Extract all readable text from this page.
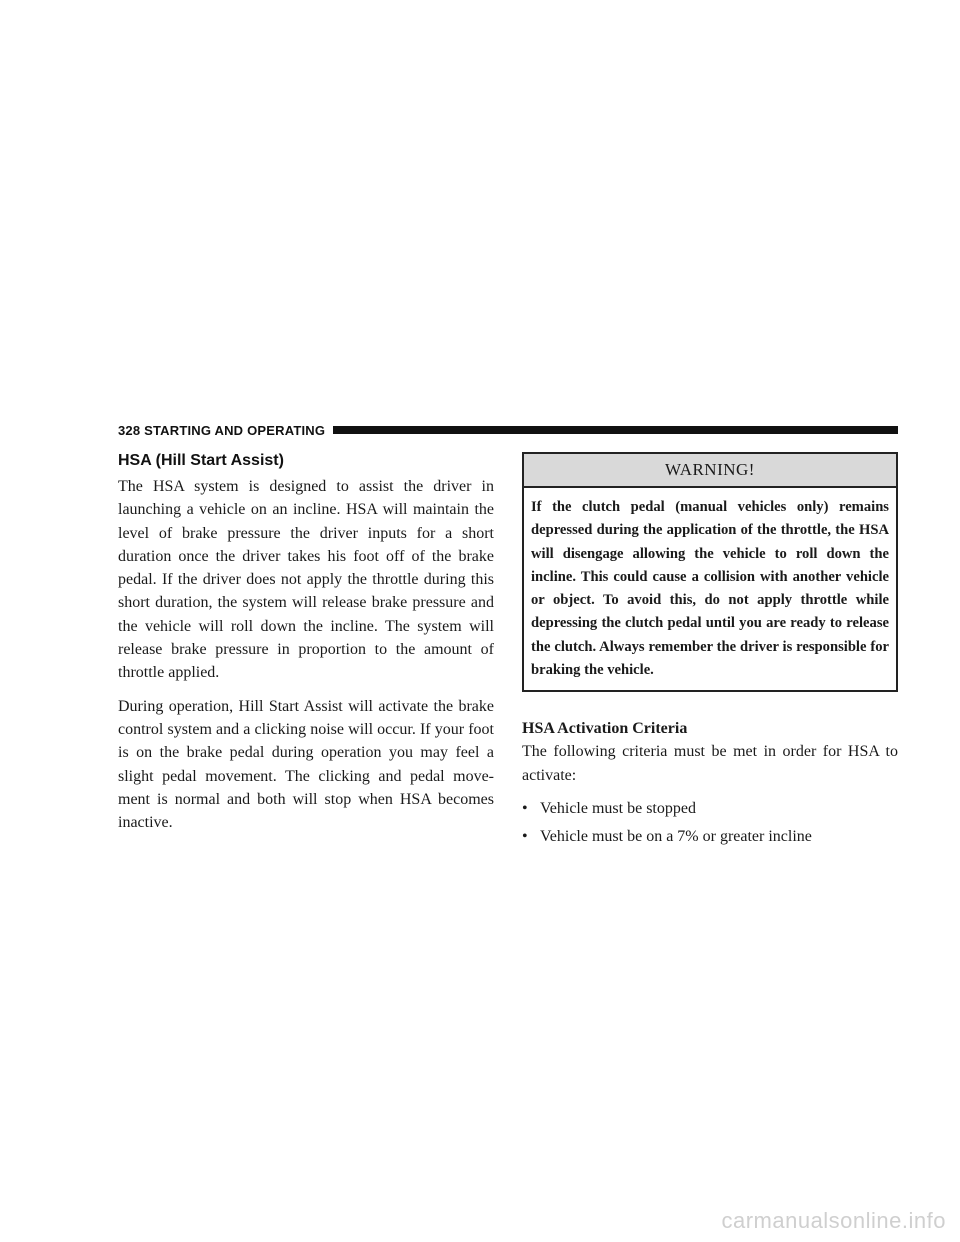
328 STARTING AND OPERATING
HSA (Hill Start Assist)

The HSA system is designed to assist the driver in launching a vehicle on an incline. HSA will maintain the level of brake pressure the driver inputs for a short duration once the driver takes his foot off of the brake pedal. If the driver does not apply the throttle during this short duration, the system will release brake pressure and the vehicle will roll down the incline. The system will release brake pressure in proportion to the amount of throttle applied.

During operation, Hill Start Assist will activate the brake control system and a clicking noise will occur. If your foot is on the brake pedal during operation you may feel a slight pedal movement. The clicking and pedal move-ment is normal and both will stop when HSA becomes inactive.

WARNING!
If the clutch pedal (manual vehicles only) remains depressed during the application of the throttle, the HSA will disengage allowing the vehicle to roll down the incline. This could cause a collision with another vehicle or object. To avoid this, do not apply throttle while depressing the clutch pedal until you are ready to release the clutch. Always remember the driver is responsible for braking the vehicle.
HSA Activation Criteria

The following criteria must be met in order for HSA to activate:

• Vehicle must be stopped
• Vehicle must be on a 7% or greater incline
carmanualsonline.info
